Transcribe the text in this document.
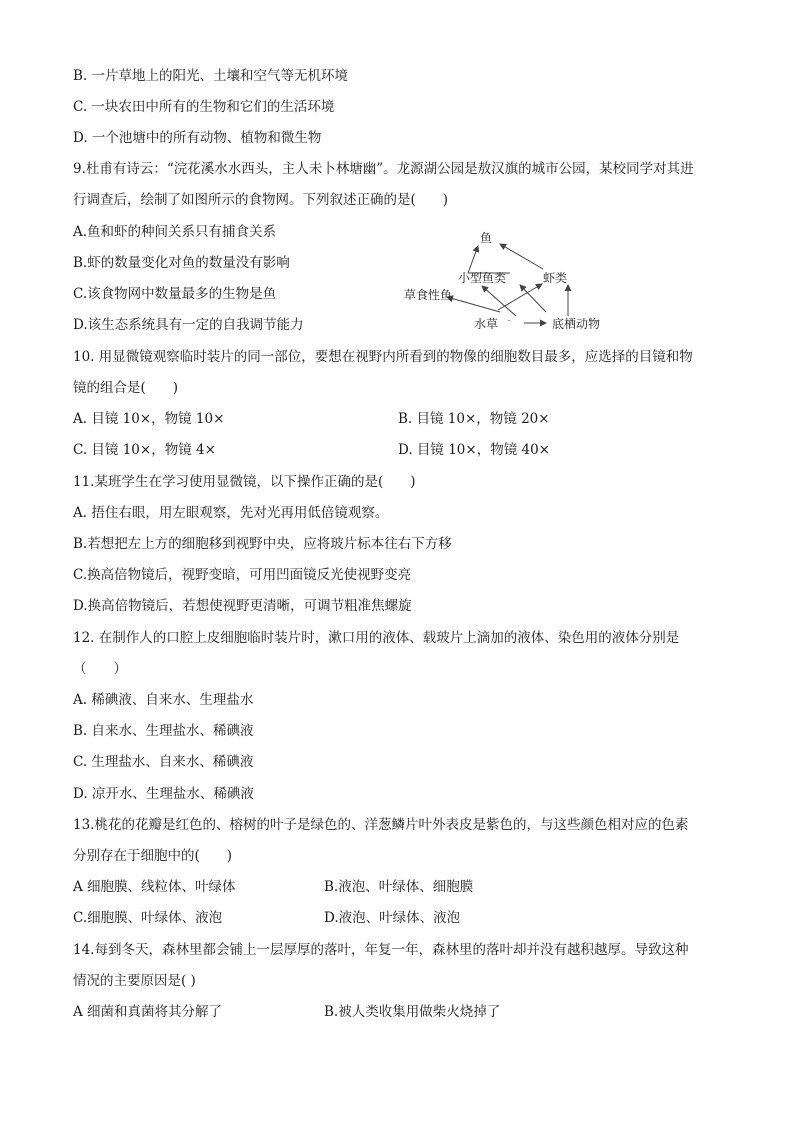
B. 一片草地上的阳光、土壤和空气等无机环境
C. 一块农田中所有的生物和它们的生活环境
D. 一个池塘中的所有动物、植物和微生物
9.杜甫有诗云：“浣花溪水水西头，主人未卜林塘幽”。龙源湖公园是敖汉旗的城市公园，某校同学对其进
行调查后，绘制了如图所示的食物网。下列叙述正确的是(　　)
A.鱼和虾的种间关系只有捕食关系
B.虾的数量变化对鱼的数量没有影响
C.该食物网中数量最多的生物是鱼
D.该生态系统具有一定的自我调节能力
鱼
小型鱼类	虾类
草食性鱼
水草	底栖动物
10. 用显微镜观察临时装片的同一部位，要想在视野内所看到的物像的细胞数目最多，应选择的目镜和物
镜的组合是(　　)
A. 目镜 10×，物镜 10×	B. 目镜 10×，物镜 20×
C. 目镜 10×，物镜 4×	D. 目镜 10×，物镜 40×
11.某班学生在学习使用显微镜，以下操作正确的是(　　)
A. 捂住右眼，用左眼观察，先对光再用低倍镜观察。
B.若想把左上方的细胞移到视野中央，应将玻片标本往右下方移
C.换高倍物镜后，视野变暗，可用凹面镜反光使视野变亮
D.换高倍物镜后，若想使视野更清晰，可调节粗准焦螺旋
12. 在制作人的口腔上皮细胞临时装片时，漱口用的液体、载玻片上滴加的液体、染色用的液体分别是
（　　）
A. 稀碘液、自来水、生理盐水
B. 自来水、生理盐水、稀碘液
C. 生理盐水、自来水、稀碘液
D. 凉开水、生理盐水、稀碘液
13.桃花的花瓣是红色的、榕树的叶子是绿色的、洋葱鳞片叶外表皮是紫色的，与这些颜色相对应的色素
分别存在于细胞中的(　　)
A 细胞膜、线粒体、叶绿体	B.液泡、叶绿体、细胞膜
C.细胞膜、叶绿体、液泡	D.液泡、叶绿体、液泡
14.每到冬天，森林里都会铺上一层厚厚的落叶，年复一年，森林里的落叶却并没有越积越厚。导致这种
情况的主要原因是( )
A 细菌和真菌将其分解了	B.被人类收集用做柴火烧掉了
